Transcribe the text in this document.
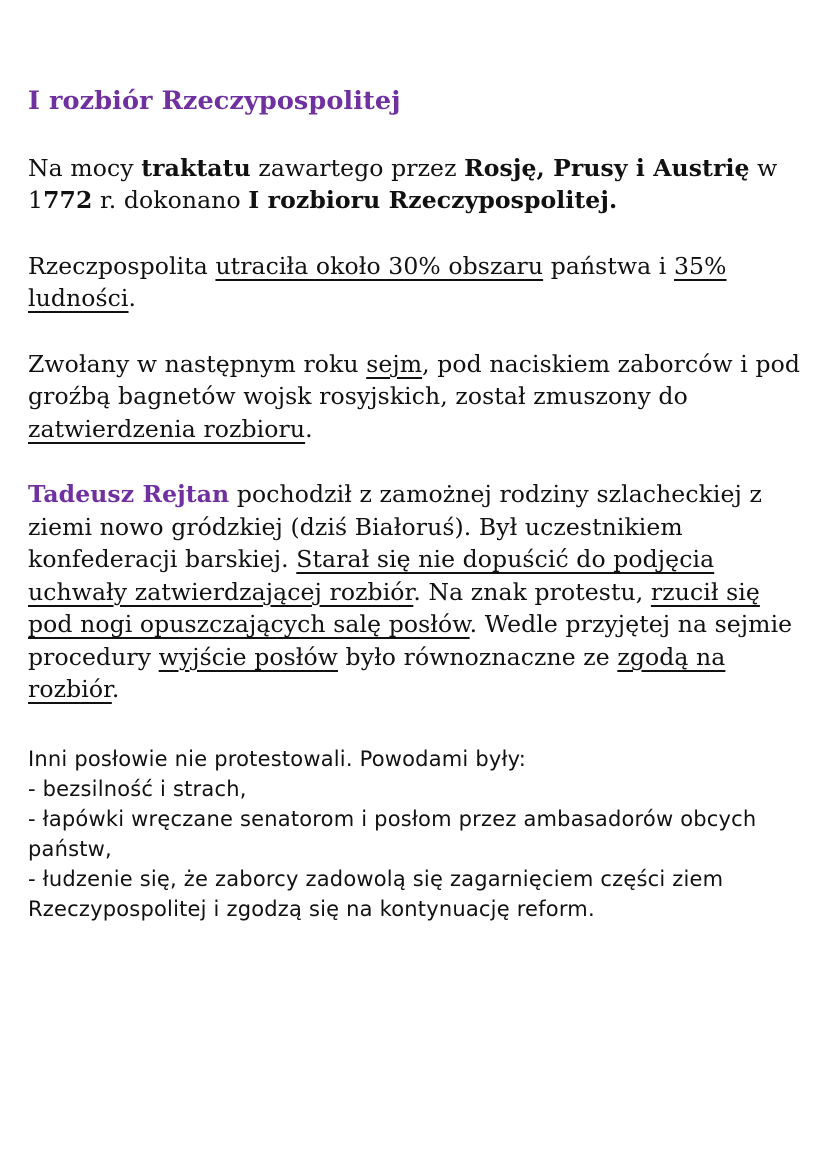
I rozbiór Rzeczypospolitej

Na mocy traktatu zawartego przez Rosję, Prusy i Austrię w 1772 r. dokonano I rozbioru Rzeczypospolitej.

Rzeczpospolita utraciła około 30% obszaru państwa i 35% ludności.

Zwołany w następnym roku sejm, pod naciskiem zaborców i pod groźbą bagnetów wojsk rosyjskich, został zmuszony do zatwierdzenia rozbioru.

Tadeusz Rejtan pochodził z zamożnej rodziny szlacheckiej z ziemi nowo gródzkiej (dziś Białoruś). Był uczestnikiem konfederacji barskiej. Starał się nie dopuścić do podjęcia uchwały zatwierdzającej rozbiór. Na znak protestu, rzucił się pod nogi opuszczających salę posłów. Wedle przyjętej na sejmie procedury wyjście posłów było równoznaczne ze zgodą na rozbiór.

Inni posłowie nie protestowali. Powodami były:
- bezsilność i strach,
- łapówki wręczane senatorom i posłom przez ambasadorów obcych państw,
- łudzenie się, że zaborcy zadowolą się zagarnięciem części ziem Rzeczypospolitej i zgodzą się na kontynuację reform.
